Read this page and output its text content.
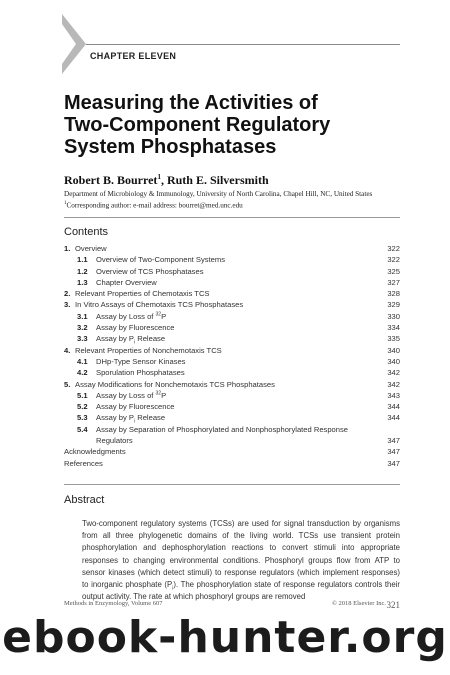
CHAPTER ELEVEN
Measuring the Activities of
Two-Component Regulatory
System Phosphatases
Robert B. Bourret$^1$, Ruth E. Silversmith
Department of Microbiology & Immunology, University of North Carolina, Chapel Hill, NC, United States
$^1$Corresponding author: e-mail address: bourret@med.unc.edu
Contents
1. Overview	322
1.1 Overview of Two-Component Systems	322
1.2 Overview of TCS Phosphatases	325
1.3 Chapter Overview	327
2. Relevant Properties of Chemotaxis TCS	328
3. In Vitro Assays of Chemotaxis TCS Phosphatases	329
3.1 Assay by Loss of $^{32}$P	330
3.2 Assay by Fluorescence	334
3.3 Assay by $P_i$ Release	335
4. Relevant Properties of Nonchemotaxis TCS	340
4.1 DHp-Type Sensor Kinases	340
4.2 Sporulation Phosphatases	342
5. Assay Modifications for Nonchemotaxis TCS Phosphatases	342
5.1 Assay by Loss of $^{32}$P	343
5.2 Assay by Fluorescence	344
5.3 Assay by $P_i$ Release	344
5.4 Assay by Separation of Phosphorylated and Nonphosphorylated Response
Regulators	347
Acknowledgments	347
References	347
Abstract
Two-component regulatory systems (TCSs) are used for signal transduction by organisms from all three phylogenetic domains of the living world. TCSs use transient protein phosphorylation and dephosphorylation reactions to convert stimuli into appropriate responses to changing environmental conditions. Phosphoryl groups flow from ATP to sensor kinases (which detect stimuli) to response regulators (which implement responses) to inorganic phosphate $(P_i)$. The phosphorylation state of response regulators controls their output activity. The rate at which phosphoryl groups are removed
Methods in Enzymology, Volume 607	© 2018 Elsevier Inc. 321
ebook-hunter.org
